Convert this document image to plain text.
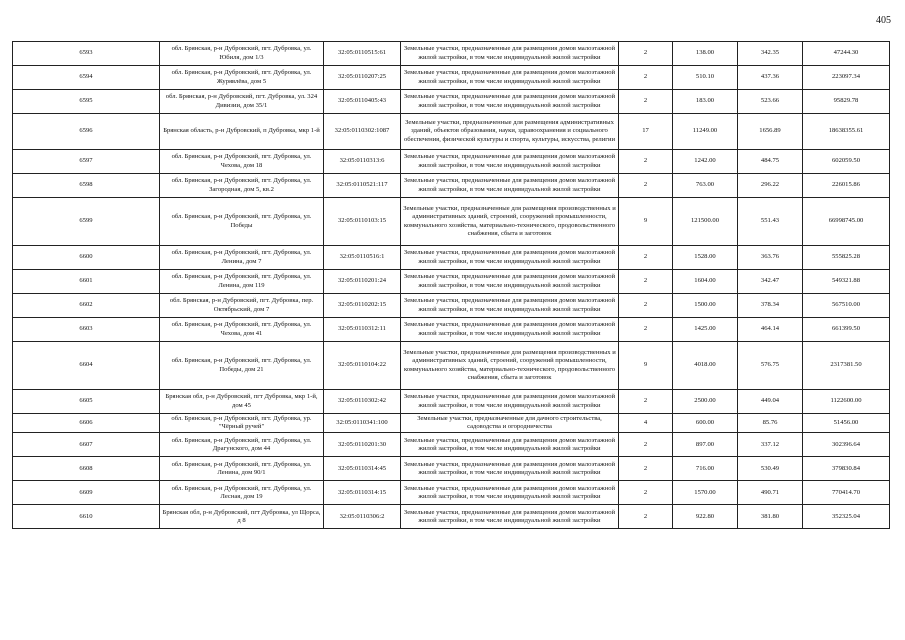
405
6593	обл. Брянская, р-н Дубровский, пгт. Дубровка, ул. Юбиля, дом 1/3	32:05:0110515:61	Земельные участки, предназначенные для размещения домов малоэтажной жилой застройки, в том числе индивидуальной жилой застройки	2	138.00	342.35	47244.30
6594	обл. Брянская, р-н Дубровский, пгт. Дубровка, ул. Журявлёва, дом 5	32:05:0110207:25	Земельные участки, предназначенные для размещения домов малоэтажной жилой застройки, в том числе индивидуальной жилой застройки	2	510.10	437.36	223097.34
6595	обл. Брянская, р-н Дубровский, пгт. Дубровка, ул. 324 Дивизии, дом 35/1	32:05:0110405:43	Земельные участки, предназначенные для размещения домов малоэтажной жилой застройки, в том числе индивидуальной жилой застройки	2	183.00	523.66	95829.78
6596	Брянская область, р-н Дубровский, п Дубровка, мкр 1-й	32:05:0110302:1087	Земельные участки, предназначенные для размещения административных зданий, объектов образования, науки, здравоохранения и социального обеспечения, физической культуры и спорта, культуры, искусства, религии	17	11249.00	1656.89	18638355.61
6597	обл. Брянская, р-н Дубровский, пгт. Дубровка, ул. Чехова, дом 18	32:05:0110313:6	Земельные участки, предназначенные для размещения домов малоэтажной жилой застройки, в том числе индивидуальной жилой застройки	2	1242.00	484.75	602059.50
6598	обл. Брянская, р-н Дубровский, пгт. Дубровка, ул. Загородная, дом 5, кв.2	32:05:0110521:117	Земельные участки, предназначенные для размещения домов малоэтажной жилой застройки, в том числе индивидуальной жилой застройки	2	763.00	296.22	226015.86
6599	обл. Брянская, р-н Дубровский, пгт. Дубровка, ул. Победы	32:05:0110103:15	Земельные участки, предназначенные для размещения производственных и административных зданий, строений, сооружений промышленности, коммунального хозяйства, материально-технического, продовольственного снабжения, сбыта и заготовок	9	121500.00	551.43	66998745.00
6600	обл. Брянская, р-н Дубровский, пгт. Дубровка, ул. Ленина, дом 7	32:05:0110516:1	Земельные участки, предназначенные для размещения домов малоэтажной жилой застройки, в том числе индивидуальной жилой застройки	2	1528.00	363.76	555825.28
6601	обл. Брянская, р-н Дубровский, пгт. Дубровка, ул. Ленина, дом 119	32:05:0110201:24	Земельные участки, предназначенные для размещения домов малоэтажной жилой застройки, в том числе индивидуальной жилой застройки	2	1604.00	342.47	549321.88
6602	обл. Брянская, р-н Дубровский, пгт. Дубровка, пер. Октябрьский, дом 7	32:05:0110202:15	Земельные участки, предназначенные для размещения домов малоэтажной жилой застройки, в том числе индивидуальной жилой застройки	2	1500.00	378.34	567510.00
6603	обл. Брянская, р-н Дубровский, пгт. Дубровка, ул. Чехова, дом 41	32:05:0110312:11	Земельные участки, предназначенные для размещения домов малоэтажной жилой застройки, в том числе индивидуальной жилой застройки	2	1425.00	464.14	661399.50
6604	обл. Брянская, р-н Дубровский, пгт. Дубровка, ул. Победы, дом 21	32:05:0110104:22	Земельные участки, предназначенные для размещения производственных и административных зданий, строений, сооружений промышленности, коммунального хозяйства, материально-технического, продовольственного снабжения, сбыта и заготовок	9	4018.00	576.75	2317381.50
6605	Брянская обл, р-н Дубровский, пгт Дубровка, мкр 1-й, дом 45	32:05:0110302:42	Земельные участки, предназначенные для размещения домов малоэтажной жилой застройки, в том числе индивидуальной жилой застройки	2	2500.00	449.04	1122600.00
6606	обл. Брянская, р-н Дубровский, пгт. Дубровка, ур. "Чёрный ручей"	32:05:0110341:100	Земельные участки, предназначенные для дачного строительства, садоводства и огородничества	4	600.00	85.76	51456.00
6607	обл. Брянская, р-н Дубровский, пгт. Дубровка, ул. Драгунского, дом 44	32:05:0110201:30	Земельные участки, предназначенные для размещения домов малоэтажной жилой застройки, в том числе индивидуальной жилой застройки	2	897.00	337.12	302396.64
6608	обл. Брянская, р-н Дубровский, пгт. Дубровка, ул. Ленина, дом 90/1	32:05:0110314:45	Земельные участки, предназначенные для размещения домов малоэтажной жилой застройки, в том числе индивидуальной жилой застройки	2	716.00	530.49	379830.84
6609	обл. Брянская, р-н Дубровский, пгт. Дубровка, ул. Лесная, дом 19	32:05:0110314:15	Земельные участки, предназначенные для размещения домов малоэтажной жилой застройки, в том числе индивидуальной жилой застройки	2	1570.00	490.71	770414.70
6610	Брянская обл, р-н Дубровский, пгт Дубровка, ул Щорса, д 8	32:05:0110306:2	Земельные участки, предназначенные для размещения домов малоэтажной жилой застройки, в том числе индивидуальной жилой застройки	2	922.80	381.80	352325.04
